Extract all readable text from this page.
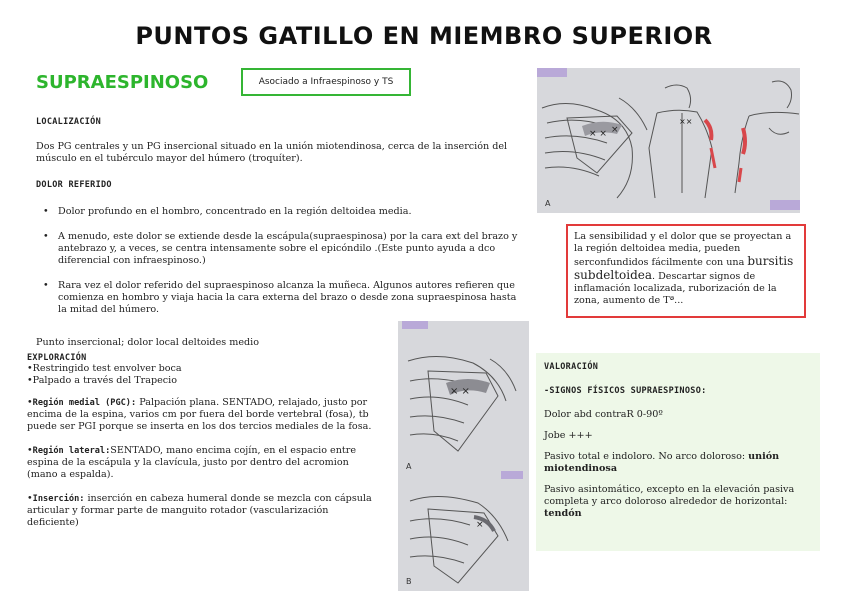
PUNTOS GATILLO EN MIEMBRO SUPERIOR
SUPRAESPINOSO	Asociado a Infraespinoso y TS
LOCALIZACIÓN
Dos PG centrales y un PG insercional situado en la unión miotendinosa, cerca de la inserción del músculo en el tubérculo mayor del húmero (troquíter).
DOLOR REFERIDO
• Dolor profundo en el hombro, concentrado en la región deltoidea media.
• A menudo, este dolor se extiende desde la escápula(supraespinosa) por la cara ext del brazo y antebrazo y, a veces, se centra intensamente sobre el epicóndilo .(Este punto ayuda a dco diferencial con infraespinoso.)
• Rara vez el dolor referido del supraespinoso alcanza la muñeca. Algunos autores refieren que comienza en hombro y viaja hacia la cara externa del brazo o desde zona supraespinosa hasta la mitad del húmero.
Punto insercional; dolor local deltoides medio
EXPLORACIÓN
•Restringido test envolver boca
•Palpado a través del Trapecio
•Región medial (PGC): Palpación plana. SENTADO, relajado, justo por encima de la espina, varios cm por fuera del borde vertebral (fosa), tb puede ser PGI porque se inserta en los dos tercios mediales de la fosa.
•Región lateral:SENTADO, mano encima cojín, en el espacio entre espina de la escápula y la clavícula, justo por dentro del acromion (mano a espalda).
•Inserción: inserción en cabeza humeral donde se mezcla con cápsula articular y formar parte de manguito rotador (vascularización deficiente)
× × ×
××
A
La sensibilidad y el dolor que se proyectan a la región deltoidea media, pueden serconfundidos fácilmente con una bursitis subdeltoidea. Descartar signos de inflamación localizada, ruborización de la zona, aumento de Tª...
× ×
×
A
B

VALORACIÓN

-SIGNOS FÍSICOS SUPRAESPINOSO:

Dolor abd contraR 0-90º

Jobe +++

Pasivo total e indoloro. No arco doloroso: unión miotendinosa

Pasivo asintomático, excepto en la elevación pasiva completa y arco doloroso alrededor de horizontal: tendón
